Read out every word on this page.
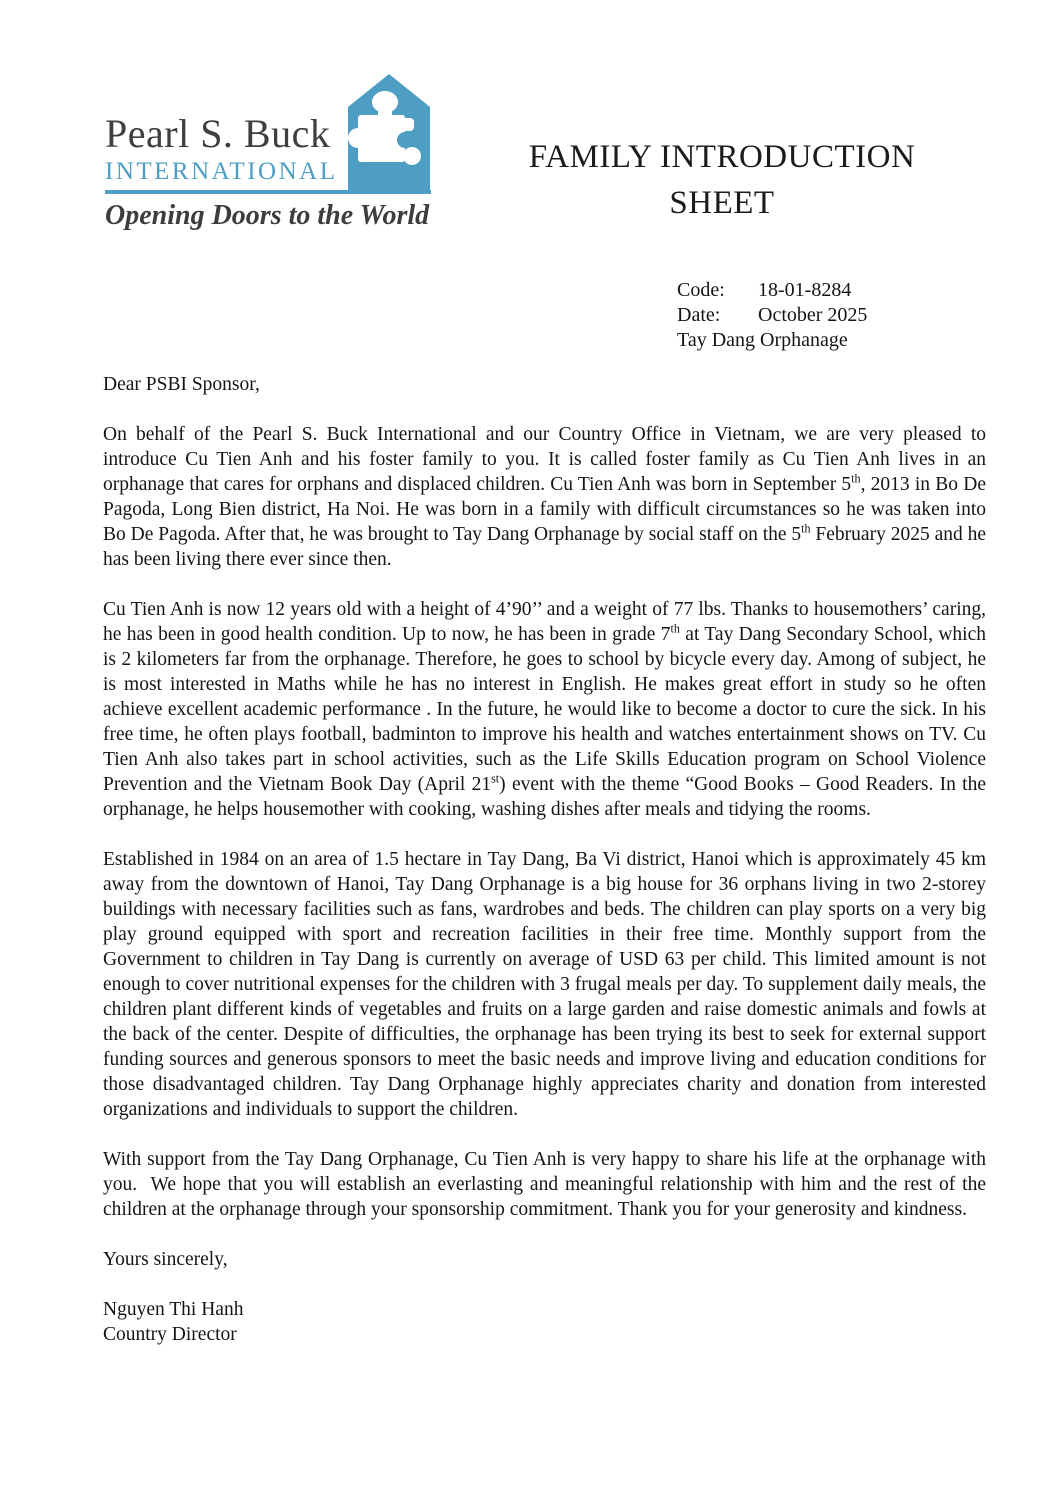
Pearl S. Buck
INTERNATIONAL
Opening Doors to the World
FAMILY INTRODUCTION SHEET
Code: 18-01-8284
Date: October 2025
Tay Dang Orphanage

Dear PSBI Sponsor,

On behalf of the Pearl S. Buck International and our Country Office in Vietnam, we are very pleased to introduce Cu Tien Anh and his foster family to you. It is called foster family as Cu Tien Anh lives in an orphanage that cares for orphans and displaced children. Cu Tien Anh was born in September 5th, 2013 in Bo De Pagoda, Long Bien district, Ha Noi. He was born in a family with difficult circumstances so he was taken into Bo De Pagoda. After that, he was brought to Tay Dang Orphanage by social staff on the 5th February 2025 and he has been living there ever since then.

Cu Tien Anh is now 12 years old with a height of 4’90’’ and a weight of 77 lbs. Thanks to housemothers’ caring, he has been in good health condition. Up to now, he has been in grade 7th at Tay Dang Secondary School, which is 2 kilometers far from the orphanage. Therefore, he goes to school by bicycle every day. Among of subject, he is most interested in Maths while he has no interest in English. He makes great effort in study so he often achieve excellent academic performance . In the future, he would like to become a doctor to cure the sick. In his free time, he often plays football, badminton to improve his health and watches entertainment shows on TV. Cu Tien Anh also takes part in school activities, such as the Life Skills Education program on School Violence Prevention and the Vietnam Book Day (April 21st) event with the theme “Good Books – Good Readers. In the orphanage, he helps housemother with cooking, washing dishes after meals and tidying the rooms.

Established in 1984 on an area of 1.5 hectare in Tay Dang, Ba Vi district, Hanoi which is approximately 45 km away from the downtown of Hanoi, Tay Dang Orphanage is a big house for 36 orphans living in two 2-storey buildings with necessary facilities such as fans, wardrobes and beds. The children can play sports on a very big play ground equipped with sport and recreation facilities in their free time. Monthly support from the Government to children in Tay Dang is currently on average of USD 63 per child. This limited amount is not enough to cover nutritional expenses for the children with 3 frugal meals per day. To supplement daily meals, the children plant different kinds of vegetables and fruits on a large garden and raise domestic animals and fowls at the back of the center. Despite of difficulties, the orphanage has been trying its best to seek for external support funding sources and generous sponsors to meet the basic needs and improve living and education conditions for those disadvantaged children. Tay Dang Orphanage highly appreciates charity and donation from interested organizations and individuals to support the children.

With support from the Tay Dang Orphanage, Cu Tien Anh is very happy to share his life at the orphanage with you.  We hope that you will establish an everlasting and meaningful relationship with him and the rest of the children at the orphanage through your sponsorship commitment. Thank you for your generosity and kindness.

Yours sincerely,

Nguyen Thi Hanh
Country Director
